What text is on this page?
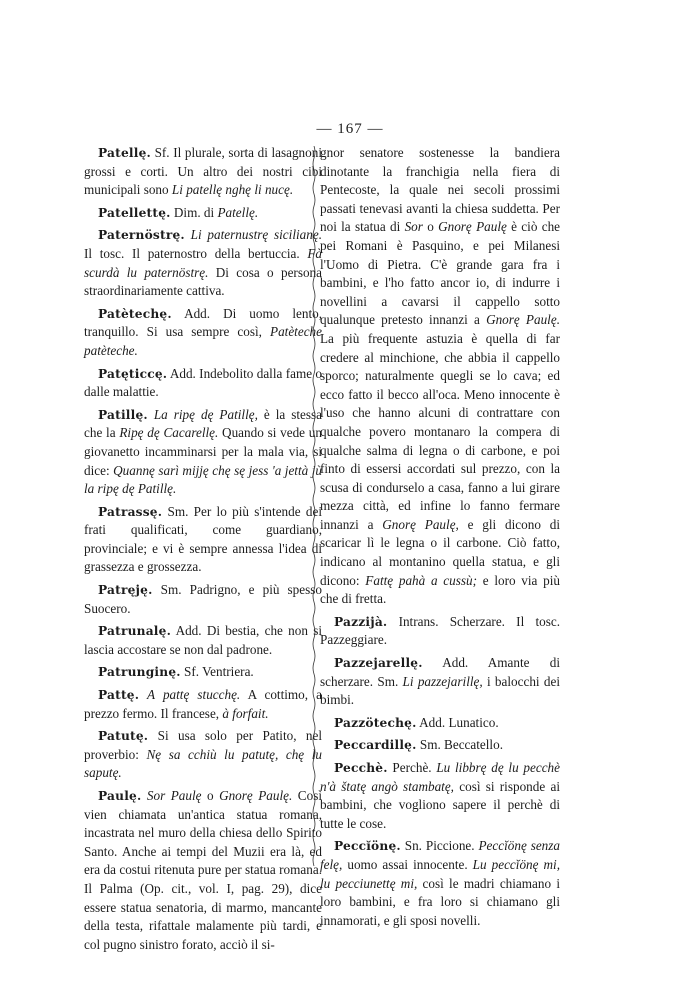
— 167 —

Patellę. Sf. Il plurale, sorta di lasagnoni grossi e corti. Un altro dei nostri cibi municipali sono Li patellę nghę li nucę.

Patellettę. Dim. di Patellę.

Paternöstrę. Li paternustrę sicilianę. Il tosc. Il paternostro della bertuccia. Fà scurdà lu paternöstrę. Di cosa o persona straordinariamente cattiva.

Patètechę. Add. Di uomo lento, tranquillo. Si usa sempre così, Patèteche patèteche.

Patęticcę. Add. Indebolito dalla fame o dalle malattie.

Patillę. La ripę dę Patillę, è la stessa che la Ripę dę Cacarellę. Quando si vede un giovanetto incamminarsi per la mala via, si dice: Quannę sarì mijję chę sę jess 'a jettà jù la ripę dę Patillę.

Patrassę. Sm. Per lo più s'intende dei frati qualificati, come guardiano, provinciale; e vi è sempre annessa l'idea di grassezza e grossezza.

Patręję. Sm. Padrigno, e più spesso Suocero.

Patrunalę. Add. Di bestia, che non si lascia accostare se non dal padrone.

Patrunginę. Sf. Ventriera.

Pattę. A pattę stucchę. A cottimo, a prezzo fermo. Il francese, à forfait.

Patutę. Si usa solo per Patito, nel proverbio: Nę sa cchiù lu patutę, chę lu saputę.

Paulę. Sor Paulę o Gnorę Paulę. Così vien chiamata un'antica statua romana, incastrata nel muro della chiesa dello Spirito Santo. Anche ai tempi del Muzii era là, ed era da costui ritenuta pure per statua romana. Il Palma (Op. cit., vol. I, pag. 29), dice essere statua senatoria, di marmo, mancante della testa, rifattale malamente più tardi, e col pugno sinistro forato, acciò il si-

gnor senatore sostenesse la bandiera dinotante la franchigia nella fiera di Pentecoste, la quale nei secoli prossimi passati tenevasi avanti la chiesa suddetta. Per noi la statua di Sor o Gnorę Paulę è ciò che pei Romani è Pasquino, e pei Milanesi l'Uomo di Pietra. C'è grande gara fra i bambini, e l'ho fatto ancor io, di indurre i novellini a cavarsi il cappello sotto qualunque pretesto innanzi a Gnorę Paulę. La più frequente astuzia è quella di far credere al minchione, che abbia il cappello sporco; naturalmente quegli se lo cava; ed ecco fatto il becco all'oca. Meno innocente è l'uso che hanno alcuni di contrattare con qualche povero montanaro la compera di qualche salma di legna o di carbone, e poi finto di essersi accordati sul prezzo, con la scusa di condurselo a casa, fanno a lui girare mezza città, ed infine lo fanno fermare innanzi a Gnorę Paulę, e gli dicono di scaricar lì le legna o il carbone. Ciò fatto, indicano al montanino quella statua, e gli dicono: Fattę pahà a cussù; e loro via più che di fretta.

Pazzijà. Intrans. Scherzare. Il tosc. Pazzeggiare.

Pazzejarellę. Add. Amante di scherzare. Sm. Li pazzejarillę, i balocchi dei bimbi.

Pazzötechę. Add. Lunatico.

Peccardillę. Sm. Beccatello.

Pecchè. Perchè. Lu libbrę dę lu pecchè n'à štatę angò stambatę, così si risponde ai bambini, che vogliono sapere il perchè di tutte le cose.

Peccĭönę. Sn. Piccione. Peccĭönę senza felę, uomo assai innocente. Lu peccĭönę mi, lu pecciunettę mi, così le madri chiamano i loro bambini, e fra loro si chiamano gli innamorati, e gli sposi novelli.
